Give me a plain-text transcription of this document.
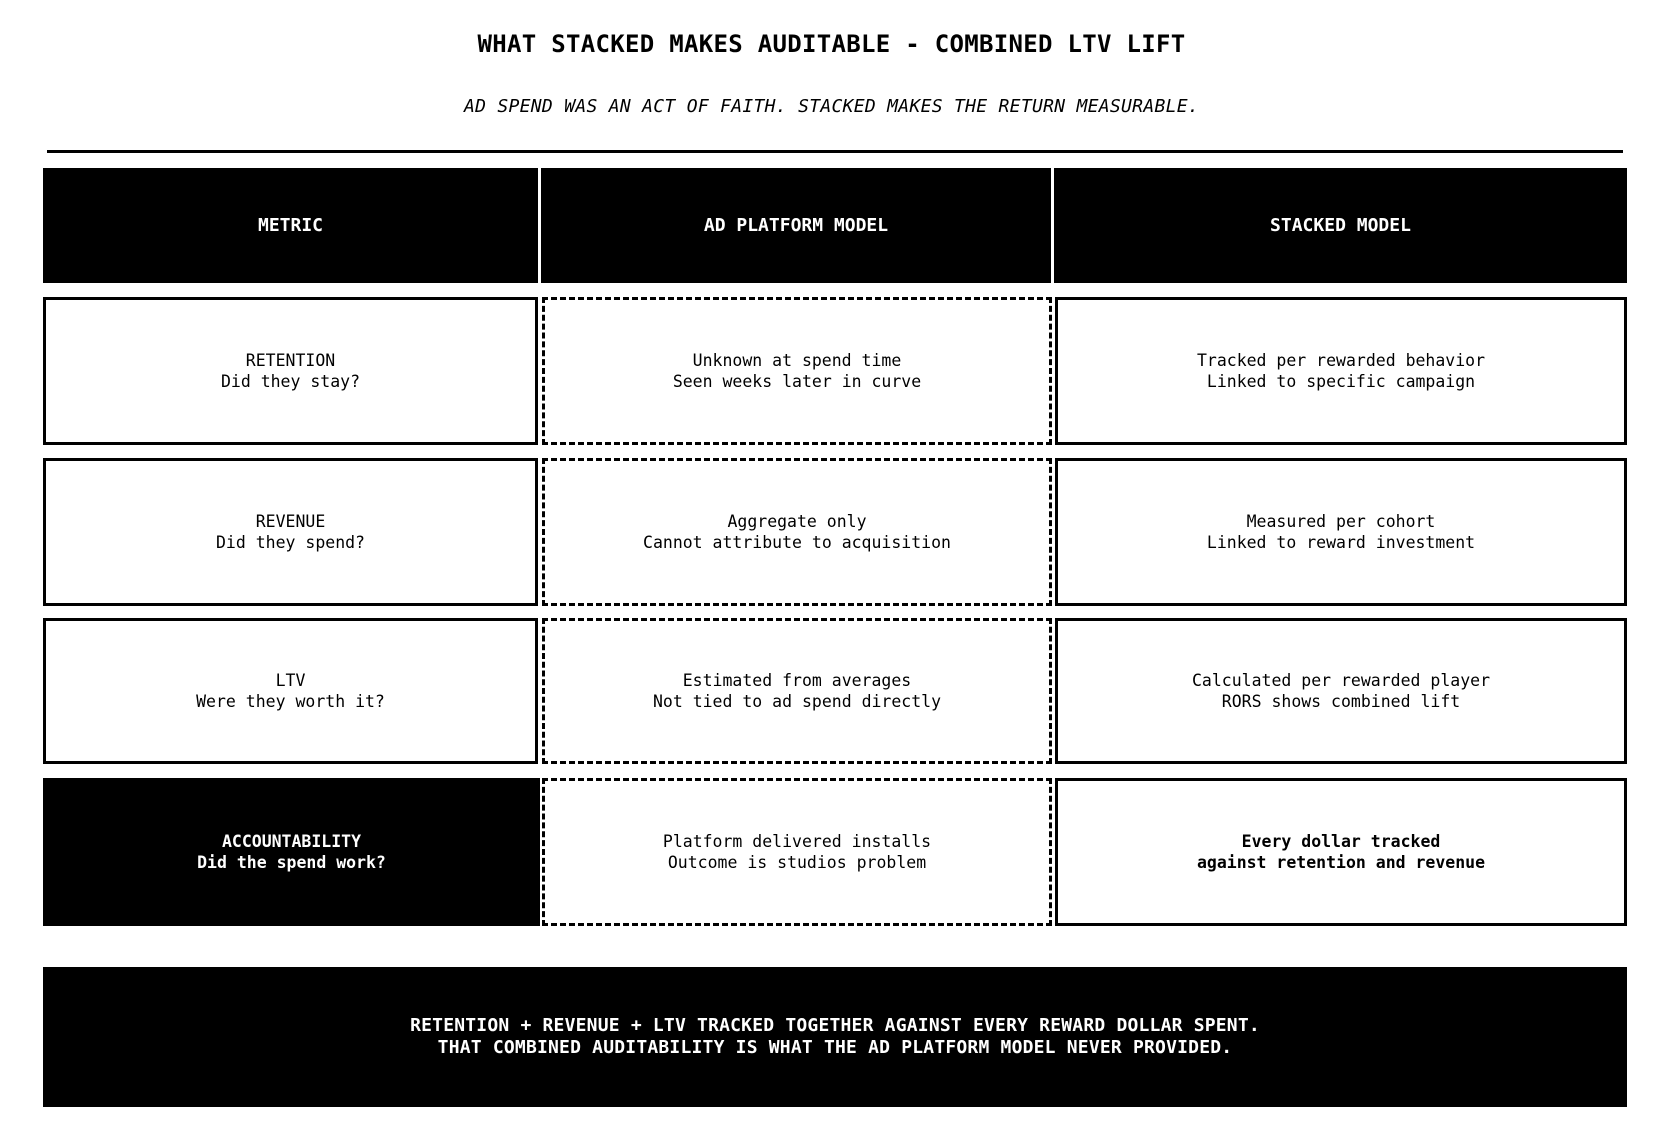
WHAT STACKED MAKES AUDITABLE - COMBINED LTV LIFT
AD SPEND WAS AN ACT OF FAITH. STACKED MAKES THE RETURN MEASURABLE.
METRIC	AD PLATFORM MODEL	STACKED MODEL
RETENTION
Did they stay?
Unknown at spend time
Seen weeks later in curve
Tracked per rewarded behavior
Linked to specific campaign
REVENUE
Did they spend?
Aggregate only
Cannot attribute to acquisition
Measured per cohort
Linked to reward investment
LTV
Were they worth it?
Estimated from averages
Not tied to ad spend directly
Calculated per rewarded player
RORS shows combined lift
ACCOUNTABILITY
Did the spend work?
Platform delivered installs
Outcome is studios problem
Every dollar tracked
against retention and revenue
RETENTION + REVENUE + LTV TRACKED TOGETHER AGAINST EVERY REWARD DOLLAR SPENT.
THAT COMBINED AUDITABILITY IS WHAT THE AD PLATFORM MODEL NEVER PROVIDED.
